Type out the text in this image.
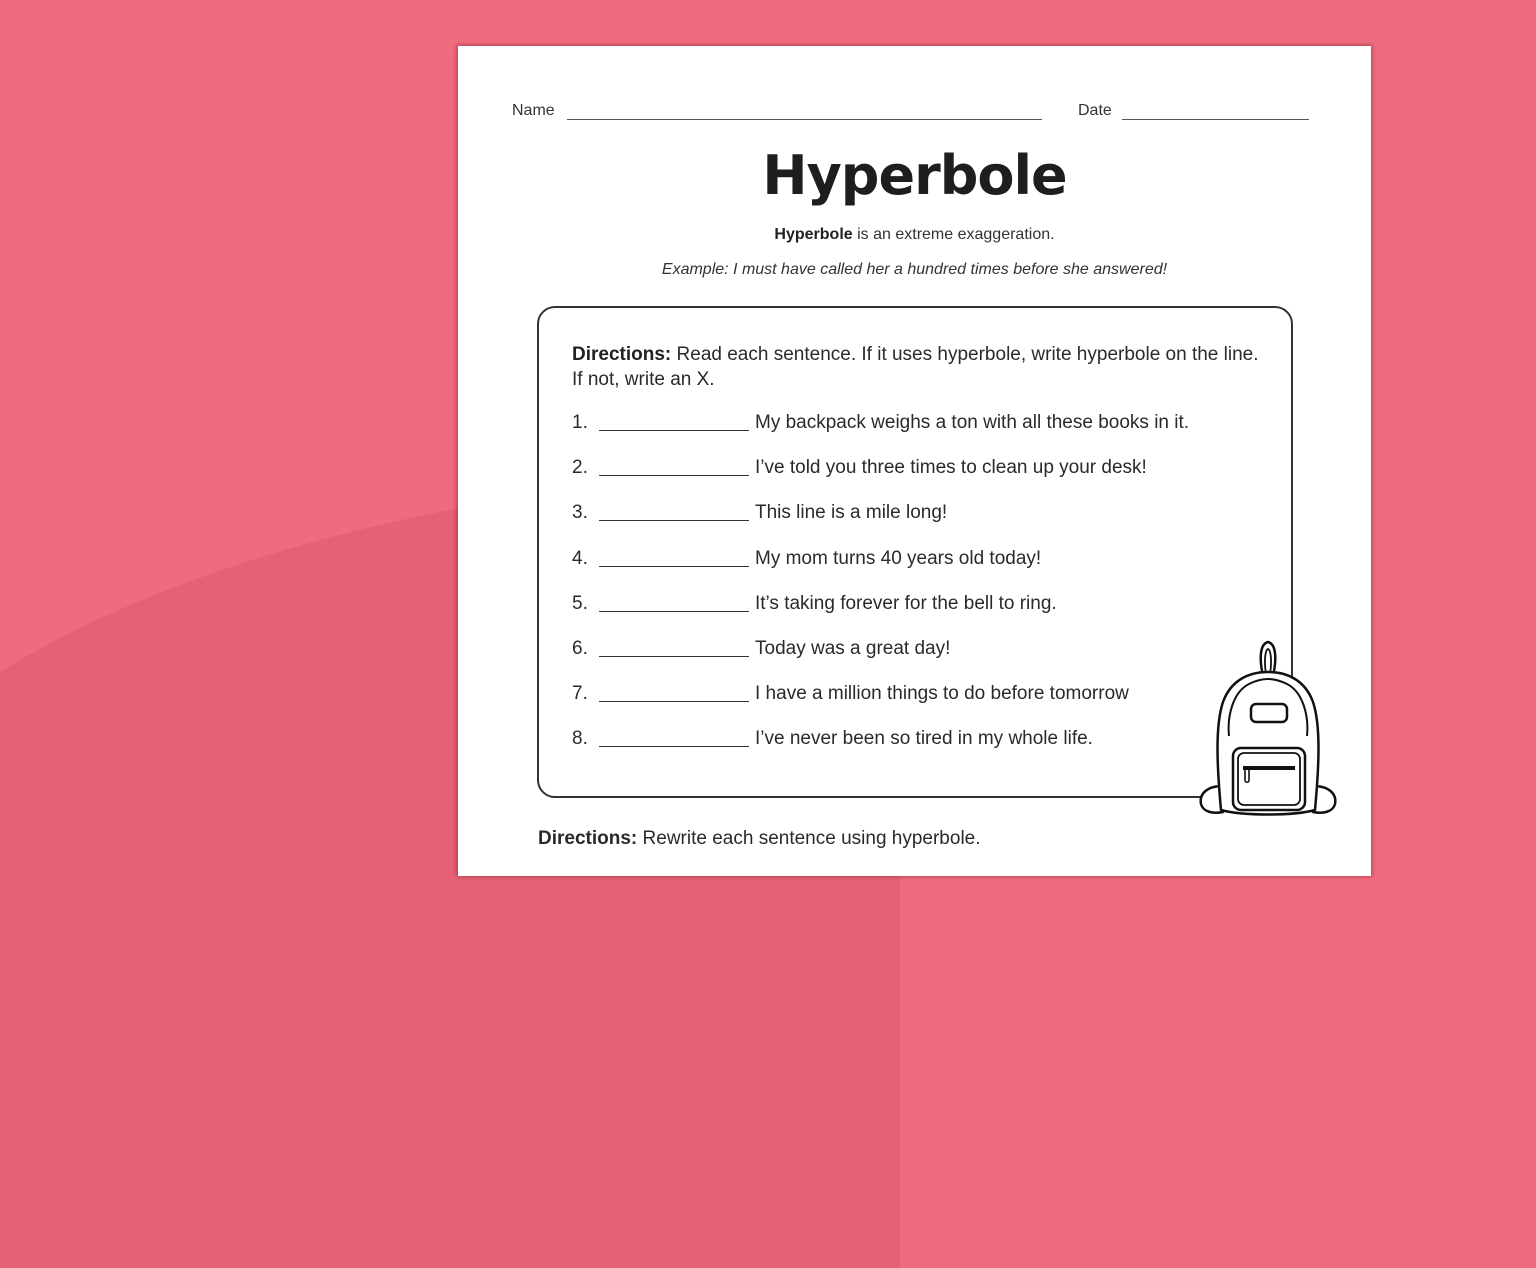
Name	Date
Hyperbole
Hyperbole is an extreme exaggeration.
Example: I must have called her a hundred times before she answered!
Directions: Read each sentence. If it uses hyperbole, write hyperbole on the line. If not, write an X.
1.	My backpack weighs a ton with all these books in it.
2.	I’ve told you three times to clean up your desk!
3.	This line is a mile long!
4.	My mom turns 40 years old today!
5.	It’s taking forever for the bell to ring.
6.	Today was a great day!
7.	I have a million things to do before tomorrow
8.	I’ve never been so tired in my whole life.
Directions: Rewrite each sentence using hyperbole.
